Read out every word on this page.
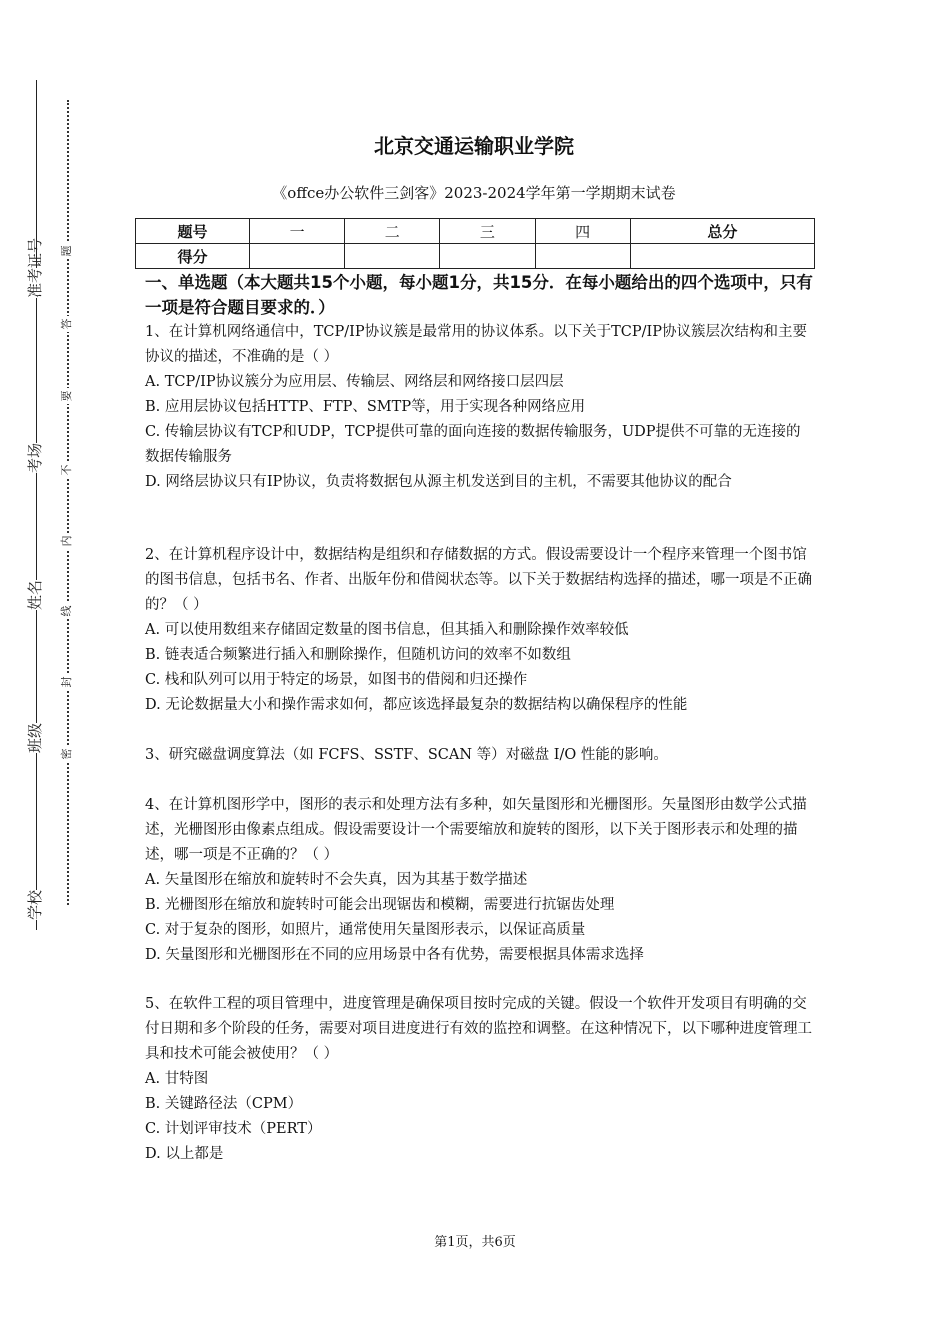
准考证号
考场
姓名
班级
学校
题
答
要
不
内
线
封
密
北京交通运输职业学院
《offce办公软件三剑客》2023-2024学年第一学期期末试卷
题号	一	二	三	四	总分
得分					
一、单选题（本大题共15个小题，每小题1分，共15分．在每小题给出的四个选项中，只有一项是符合题目要求的．）

1、在计算机网络通信中，TCP/IP协议簇是最常用的协议体系。以下关于TCP/IP协议簇层次结构和主要协议的描述，不准确的是（ ）

A. TCP/IP协议簇分为应用层、传输层、网络层和网络接口层四层

B. 应用层协议包括HTTP、FTP、SMTP等，用于实现各种网络应用

C. 传输层协议有TCP和UDP，TCP提供可靠的面向连接的数据传输服务，UDP提供不可靠的无连接的数据传输服务

D. 网络层协议只有IP协议，负责将数据包从源主机发送到目的主机，不需要其他协议的配合

2、在计算机程序设计中，数据结构是组织和存储数据的方式。假设需要设计一个程序来管理一个图书馆的图书信息，包括书名、作者、出版年份和借阅状态等。以下关于数据结构选择的描述，哪一项是不正确的？（ ）

A. 可以使用数组来存储固定数量的图书信息，但其插入和删除操作效率较低

B. 链表适合频繁进行插入和删除操作，但随机访问的效率不如数组

C. 栈和队列可以用于特定的场景，如图书的借阅和归还操作

D. 无论数据量大小和操作需求如何，都应该选择最复杂的数据结构以确保程序的性能

3、研究磁盘调度算法（如 FCFS、SSTF、SCAN 等）对磁盘 I/O 性能的影响。

4、在计算机图形学中，图形的表示和处理方法有多种，如矢量图形和光栅图形。矢量图形由数学公式描述，光栅图形由像素点组成。假设需要设计一个需要缩放和旋转的图形，以下关于图形表示和处理的描述，哪一项是不正确的？（ ）

A. 矢量图形在缩放和旋转时不会失真，因为其基于数学描述

B. 光栅图形在缩放和旋转时可能会出现锯齿和模糊，需要进行抗锯齿处理

C. 对于复杂的图形，如照片，通常使用矢量图形表示，以保证高质量

D. 矢量图形和光栅图形在不同的应用场景中各有优势，需要根据具体需求选择

5、在软件工程的项目管理中，进度管理是确保项目按时完成的关键。假设一个软件开发项目有明确的交付日期和多个阶段的任务，需要对项目进度进行有效的监控和调整。在这种情况下，以下哪种进度管理工具和技术可能会被使用？（ ）

A. 甘特图

B. 关键路径法（CPM）

C. 计划评审技术（PERT）

D. 以上都是

第1页，共6页
